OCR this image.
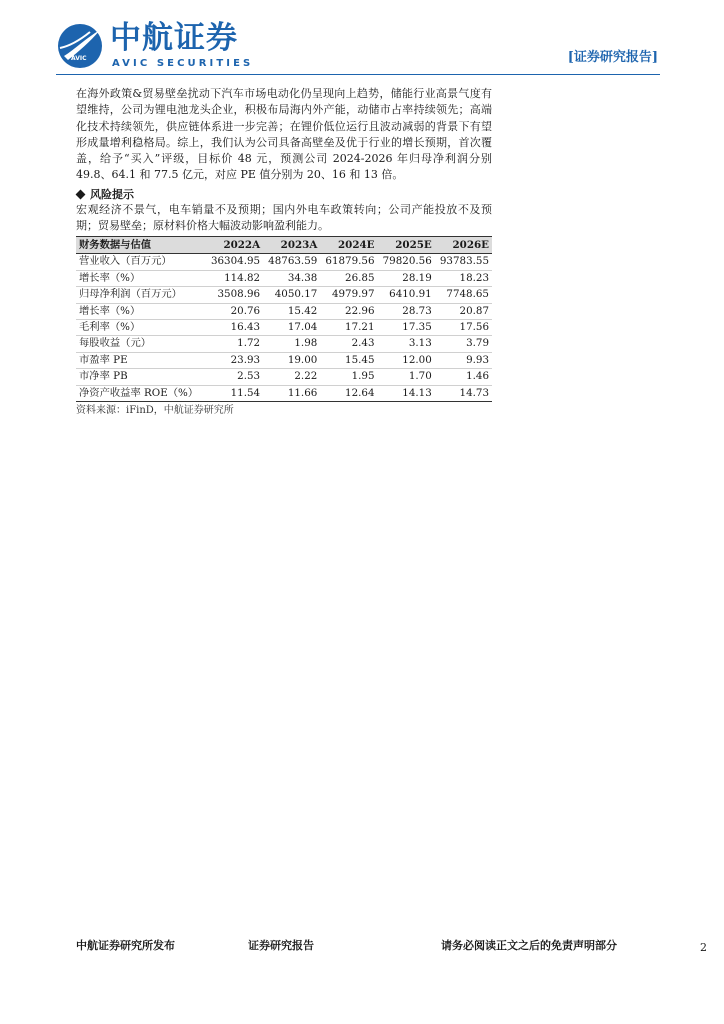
AVIC
中航证券
AVIC SECURITIES	[证券研究报告]

在海外政策&贸易壁垒扰动下汽车市场电动化仍呈现向上趋势，储能行业高景气度有望维持，公司为锂电池龙头企业，积极布局海内外产能，动储市占率持续领先；高端化技术持续领先，供应链体系进一步完善；在锂价低位运行且波动减弱的背景下有望形成量增利稳格局。综上，我们认为公司具备高壁垒及优于行业的增长预期，首次覆盖，给予“买入”评级，目标价 48 元，预测公司 2024-2026 年归母净利润分别 49.8、64.1 和 77.5 亿元，对应 PE 值分别为 20、16 和 13 倍。

风险提示

宏观经济不景气，电车销量不及预期；国内外电车政策转向；公司产能投放不及预期；贸易壁垒；原材料价格大幅波动影响盈利能力。

财务数据与估值	2022A	2023A	2024E	2025E	2026E
营业收入（百万元）	36304.95	48763.59	61879.56	79820.56	93783.55
增长率（%）	114.82	34.38	26.85	28.19	18.23
归母净利润（百万元）	3508.96	4050.17	4979.97	6410.91	7748.65
增长率（%）	20.76	15.42	22.96	28.73	20.87
毛利率（%）	16.43	17.04	17.21	17.35	17.56
每股收益（元）	1.72	1.98	2.43	3.13	3.79
市盈率 PE	23.93	19.00	15.45	12.00	9.93
市净率 PB	2.53	2.22	1.95	1.70	1.46
净资产收益率 ROE（%）	11.54	11.66	12.64	14.13	14.73
资料来源：iFinD，中航证券研究所
中航证券研究所发布	证券研究报告	请务必阅读正文之后的免责声明部分	2
